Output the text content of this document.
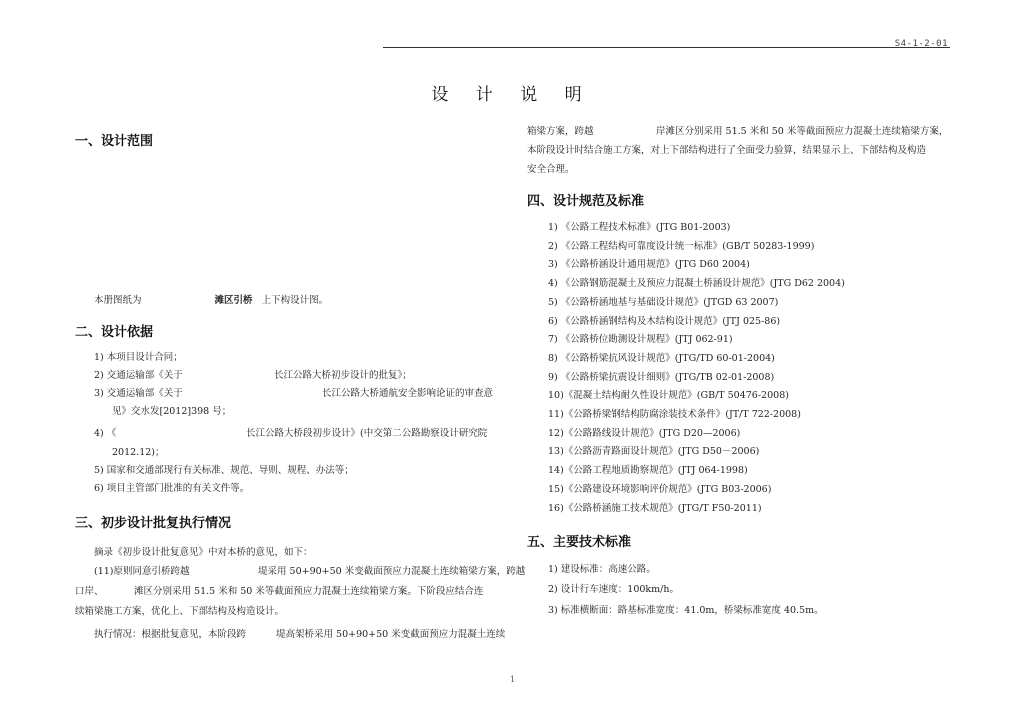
S4-1-2-01
设 计 说 明
一、设计范围
本册图纸为	滩区引桥 上下构设计图。
二、设计依据
1) 本项目设计合同；
2) 交通运输部《关于	长江公路大桥初步设计的批复》；
3) 交通运输部《关于	长江公路大桥通航安全影响论证的审查意
见》交水发[2012]398 号；
4) 《	长江公路大桥段初步设计》(中交第二公路勘察设计研究院
2012.12)；
5) 国家和交通部现行有关标准、规范、导则、规程、办法等；
6) 项目主管部门批准的有关文件等。
三、初步设计批复执行情况
摘录《初步设计批复意见》中对本桥的意见，如下：
(11)原则同意引桥跨越	堤采用 50+90+50 米变截面预应力混凝土连续箱梁方案，跨越
口岸、	滩区分别采用 51.5 米和 50 米等截面预应力混凝土连续箱梁方案。下阶段应结合连
续箱梁施工方案，优化上、下部结构及构造设计。
执行情况：根据批复意见，本阶段跨	堤高架桥采用 50+90+50 米变截面预应力混凝土连续
箱梁方案，跨越	岸滩区分别采用 51.5 米和 50 米等截面预应力混凝土连续箱梁方案，
本阶段设计时结合施工方案，对上下部结构进行了全面受力验算，结果显示上、下部结构及构造
安全合理。
四、设计规范及标准
1) 《公路工程技术标准》(JTG B01-2003)
2) 《公路工程结构可靠度设计统一标准》(GB/T 50283-1999)
3) 《公路桥涵设计通用规范》(JTG D60 2004)
4) 《公路钢筋混凝土及预应力混凝土桥涵设计规范》(JTG D62 2004)
5) 《公路桥涵地基与基础设计规范》(JTGD 63 2007)
6) 《公路桥涵钢结构及木结构设计规范》(JTJ 025-86)
7) 《公路桥位勘测设计规程》(JTJ 062-91)
8) 《公路桥梁抗风设计规范》(JTG/TD 60-01-2004)
9) 《公路桥梁抗震设计细则》(JTG/TB 02-01-2008)
10)《混凝土结构耐久性设计规范》(GB/T 50476-2008)
11)《公路桥梁钢结构防腐涂装技术条件》(JT/T 722-2008)
12)《公路路线设计规范》(JTG D20—2006)
13)《公路沥青路面设计规范》(JTG D50－2006)
14)《公路工程地质勘察规范》(JTJ 064-1998)
15)《公路建设环境影响评价规范》(JTG B03-2006)
16)《公路桥涵施工技术规范》(JTG/T F50-2011)
五、主要技术标准
1) 建设标准：高速公路。
2) 设计行车速度：100km/h。
3) 标准横断面：路基标准宽度：41.0m，桥梁标准宽度 40.5m。
1
